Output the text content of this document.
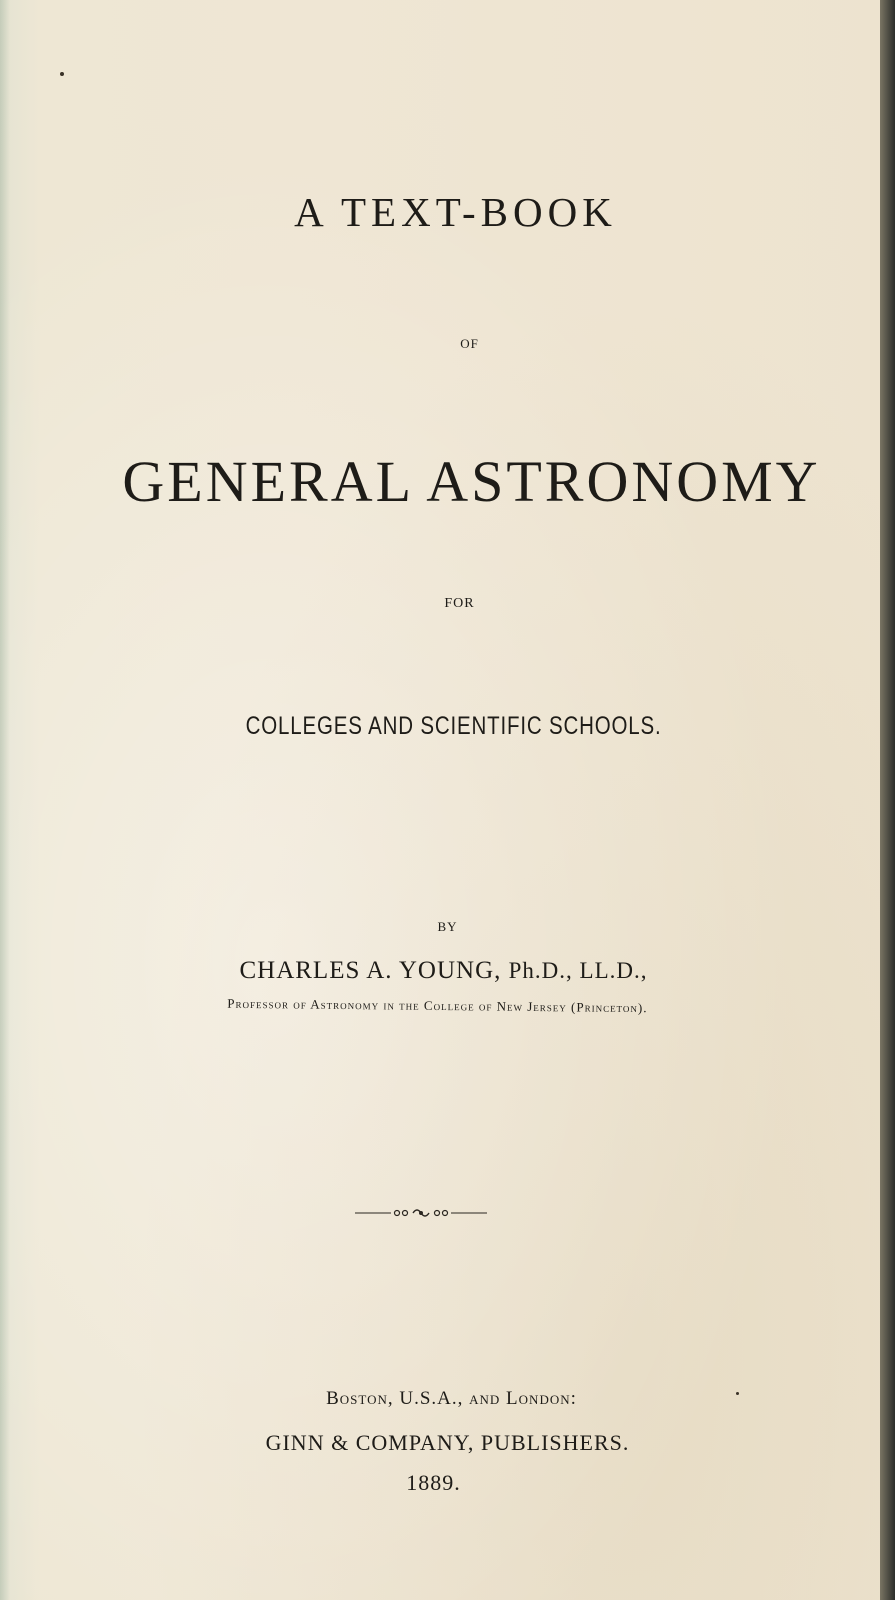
A TEXT-BOOK
OF
GENERAL ASTRONOMY
FOR
COLLEGES AND SCIENTIFIC SCHOOLS.
BY
CHARLES A. YOUNG, Ph.D., LL.D.,
Professor of Astronomy in the College of New Jersey (Princeton).
Boston, U.S.A., and London:
GINN & COMPANY, PUBLISHERS.
1889.
